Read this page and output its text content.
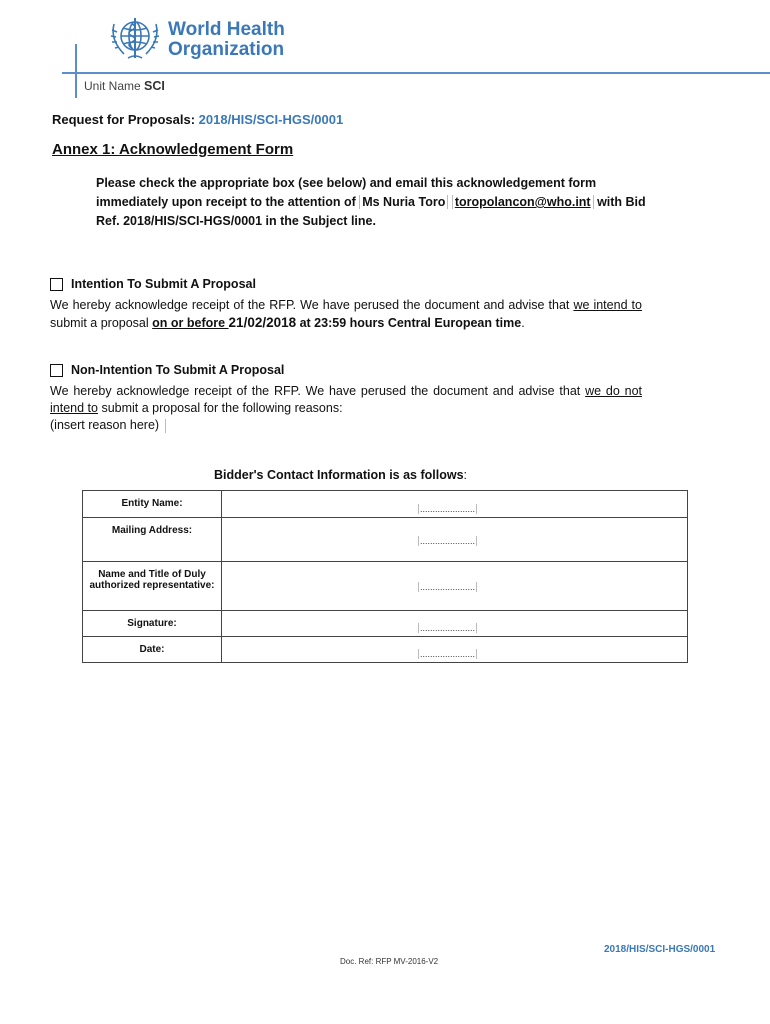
World Health
Organization
Unit Name SCI
Request for Proposals: 2018/HIS/SCI-HGS/0001
Annex 1: Acknowledgement Form
Please check the appropriate box (see below) and email this acknowledgement form immediately upon receipt to the attention of Ms Nuria Toro toropolancon@who.int with Bid Ref. 2018/HIS/SCI-HGS/0001 in the Subject line.
Intention To Submit A Proposal
We hereby acknowledge receipt of the RFP. We have perused the document and advise that we intend to submit a proposal on or before 21/02/2018 at 23:59 hours Central European time.
Non-Intention To Submit A Proposal
We hereby acknowledge receipt of the RFP. We have perused the document and advise that we do not intend to submit a proposal for the following reasons:
(insert reason here)
Bidder's Contact Information is as follows:
Entity Name:	......................

Mailing Address:	......................

Name and Title of Duly authorized representative:	......................

Signature:	......................

Date:	......................
2018/HIS/SCI-HGS/0001
Doc. Ref: RFP MV-2016-V2
